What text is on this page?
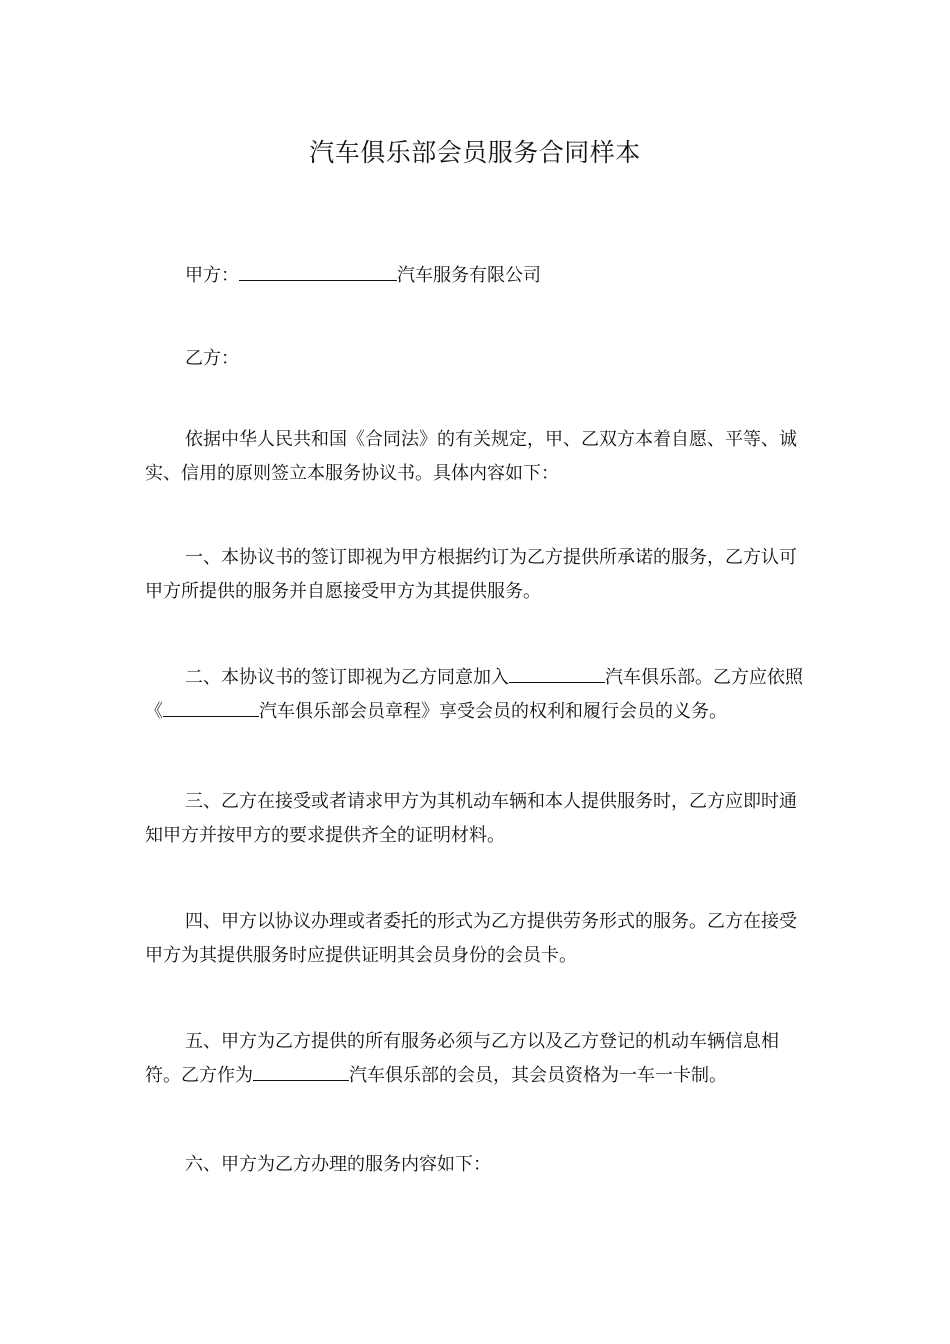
汽车俱乐部会员服务合同样本
甲方：	汽车服务有限公司
乙方：

依据中华人民共和国《合同法》的有关规定，甲、乙双方本着自愿、平等、诚实、信用的原则签立本服务协议书。具体内容如下：

一、本协议书的签订即视为甲方根据约订为乙方提供所承诺的服务，乙方认可甲方所提供的服务并自愿接受甲方为其提供服务。

二、本协议书的签订即视为乙方同意加入	汽车俱乐部。乙方应依照《	汽车俱乐部会员章程》享受会员的权利和履行会员的义务。

三、乙方在接受或者请求甲方为其机动车辆和本人提供服务时，乙方应即时通知甲方并按甲方的要求提供齐全的证明材料。

四、甲方以协议办理或者委托的形式为乙方提供劳务形式的服务。乙方在接受甲方为其提供服务时应提供证明其会员身份的会员卡。

五、甲方为乙方提供的所有服务必须与乙方以及乙方登记的机动车辆信息相符。乙方作为	汽车俱乐部的会员，其会员资格为一车一卡制。

六、甲方为乙方办理的服务内容如下：
